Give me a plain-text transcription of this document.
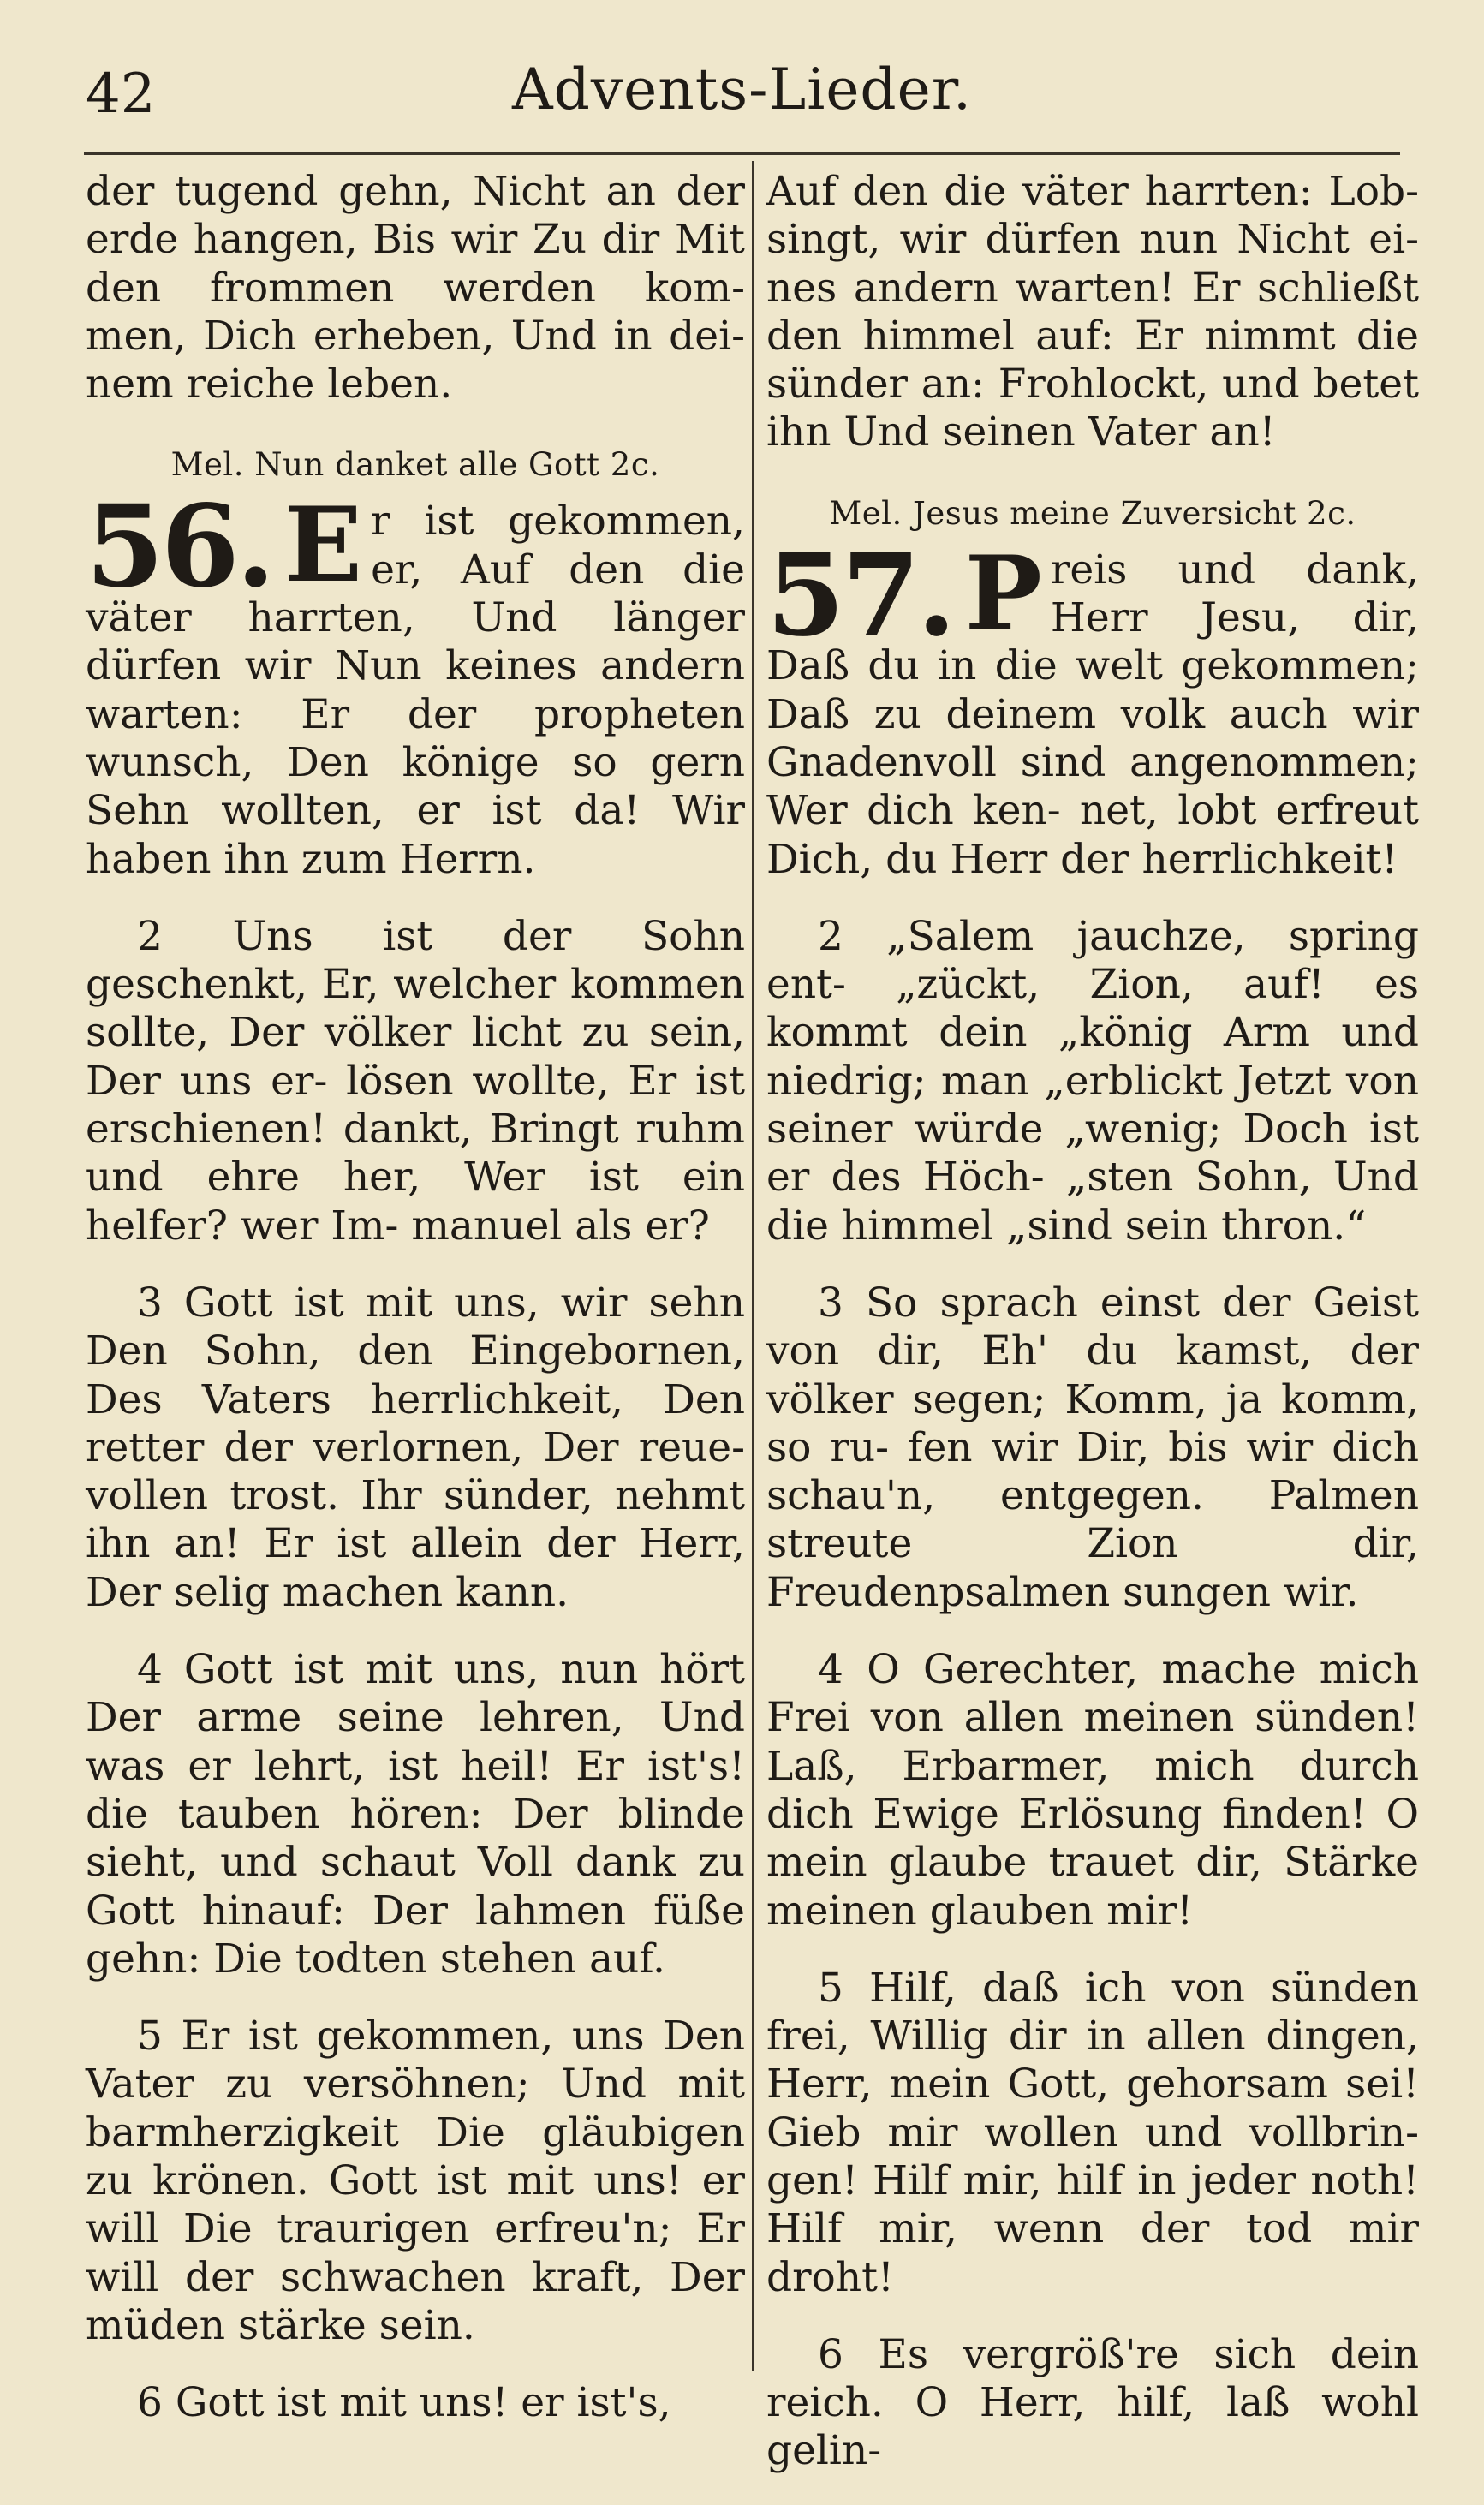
42	Advents-Lieder.

der tugend gehn, Nicht an der erde hangen, Bis wir Zu dir Mit den frommen werden kom- men, Dich erheben, Und in dei- nem reiche leben.

Mel. Nun danket alle Gott 2c.
56. E r ist gekommen, er, Auf den die väter harrten, Und länger dürfen wir Nun keines andern warten: Er der propheten wunsch, Den könige so gern Sehn wollten, er ist da! Wir haben ihn zum Herrn.

2 Uns ist der Sohn geschenkt, Er, welcher kommen sollte, Der völker licht zu sein, Der uns er- lösen wollte, Er ist erschienen! dankt, Bringt ruhm und ehre her, Wer ist ein helfer? wer Im- manuel als er?

3 Gott ist mit uns, wir sehn Den Sohn, den Eingebornen, Des Vaters herrlichkeit, Den retter der verlornen, Der reue- vollen trost. Ihr sünder, nehmt ihn an! Er ist allein der Herr, Der selig machen kann.

4 Gott ist mit uns, nun hört Der arme seine lehren, Und was er lehrt, ist heil! Er ist's! die tauben hören: Der blinde sieht, und schaut Voll dank zu Gott hinauf: Der lahmen füße gehn: Die todten stehen auf.

5 Er ist gekommen, uns Den Vater zu versöhnen; Und mit barmherzigkeit Die gläubigen zu krönen. Gott ist mit uns! er will Die traurigen erfreu'n; Er will der schwachen kraft, Der müden stärke sein.

6 Gott ist mit uns! er ist's,

Auf den die väter harrten: Lob- singt, wir dürfen nun Nicht ei- nes andern warten! Er schließt den himmel auf: Er nimmt die sünder an: Frohlockt, und betet ihn Und seinen Vater an!

Mel. Jesus meine Zuversicht 2c.
57. P reis und dank, Herr Jesu, dir, Daß du in die welt gekommen; Daß zu deinem volk auch wir Gnadenvoll sind angenommen; Wer dich ken- net, lobt erfreut Dich, du Herr der herrlichkeit!

2 „Salem jauchze, spring ent- „zückt, Zion, auf! es kommt dein „könig Arm und niedrig; man „erblickt Jetzt von seiner würde „wenig; Doch ist er des Höch- „sten Sohn, Und die himmel „sind sein thron.“

3 So sprach einst der Geist von dir, Eh' du kamst, der völker segen; Komm, ja komm, so ru- fen wir Dir, bis wir dich schau'n, entgegen. Palmen streute Zion dir, Freudenpsalmen sungen wir.

4 O Gerechter, mache mich Frei von allen meinen sünden! Laß, Erbarmer, mich durch dich Ewige Erlösung finden! O mein glaube trauet dir, Stärke meinen glauben mir!

5 Hilf, daß ich von sünden frei, Willig dir in allen dingen, Herr, mein Gott, gehorsam sei! Gieb mir wollen und vollbrin- gen! Hilf mir, hilf in jeder noth! Hilf mir, wenn der tod mir droht!

6 Es vergröß're sich dein reich. O Herr, hilf, laß wohl gelin-
